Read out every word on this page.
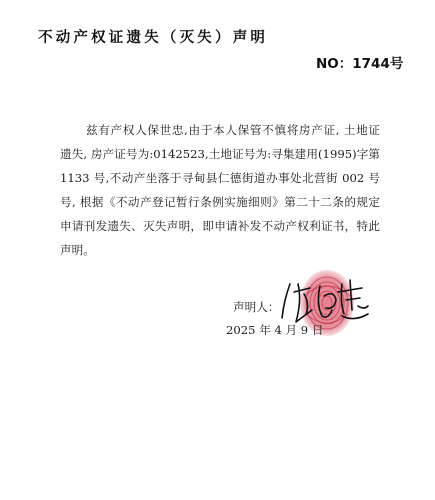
不动产权证遗失（灭失）声明
NO：1744号
兹有产权人保世忠,由于本人保管不慎将房产证, 土地证
遗失, 房产证号为:0142523,土地证号为:寻集建用(1995)字第
1133 号,不动产坐落于寻甸县仁德街道办事处北营街 002 号
号, 根据《不动产登记暂行条例实施细则》第二十二条的规定
申请刊发遗失、灭失声明，即申请补发不动产权利证书，特此
声明。
声明人：
2025 年 4 月 9 日
